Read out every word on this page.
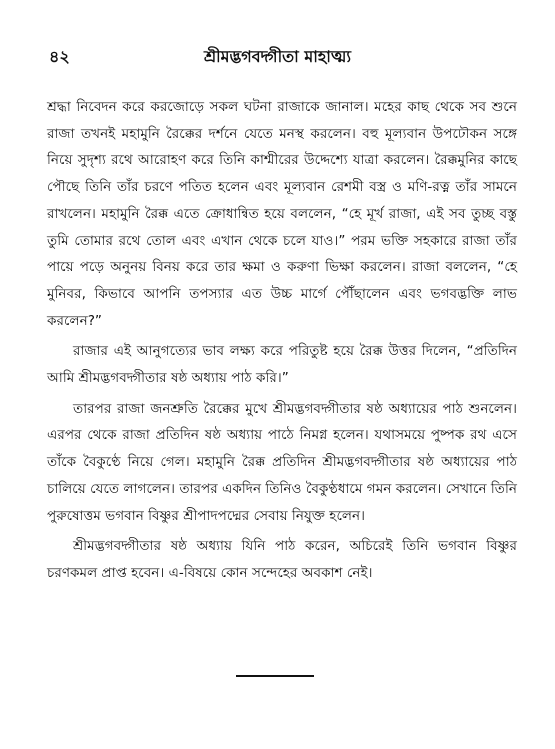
৪২	শ্রীমদ্ভগবদ্গীতা মাহাত্ম্য

শ্রদ্ধা নিবেদন করে করজোড়ে সকল ঘটনা রাজাকে জানাল। মহের কাছ থেকে সব শুনে রাজা তখনই মহামুনি রৈক্কের দর্শনে যেতে মনস্থ করলেন। বহু মূল্যবান উপঢৌকন সঙ্গে নিয়ে সুদৃশ্য রথে আরোহণ করে তিনি কাশ্মীরের উদ্দেশ্যে যাত্রা করলেন। রৈক্কমুনির কাছে পৌছে তিনি তাঁর চরণে পতিত হলেন এবং মূল্যবান রেশমী বস্ত্র ও মণি-রত্ন তাঁর সামনে রাখলেন। মহামুনি রৈক্ক এতে ক্রোধান্বিত হয়ে বললেন, “হে মূর্খ রাজা, এই সব তুচ্ছ বস্তু তুমি তোমার রথে তোল এবং এখান থেকে চলে যাও।” পরম ভক্তি সহকারে রাজা তাঁর পায়ে পড়ে অনুনয় বিনয় করে তার ক্ষমা ও করুণা ভিক্ষা করলেন। রাজা বললেন, “হে মুনিবর, কিভাবে আপনি তপস্যার এত উচ্চ মার্গে পৌঁছালেন এবং ভগবদ্ভক্তি লাভ করলেন?”

রাজার এই আনুগত্যের ভাব লক্ষ্য করে পরিতুষ্ট হয়ে রৈক্ক উত্তর দিলেন, “প্রতিদিন আমি শ্রীমদ্ভগবদ্গীতার ষষ্ঠ অধ্যায় পাঠ করি।”

তারপর রাজা জনশ্রুতি রৈক্কের মুখে শ্রীমদ্ভগবদ্গীতার ষষ্ঠ অধ্যায়ের পাঠ শুনলেন। এরপর থেকে রাজা প্রতিদিন ষষ্ঠ অধ্যায় পাঠে নিমগ্ন হলেন। যথাসময়ে পুষ্পক রথ এসে তাঁকে বৈকুণ্ঠে নিয়ে গেল। মহামুনি রৈক্ক প্রতিদিন শ্রীমদ্ভগবদ্গীতার ষষ্ঠ অধ্যায়ের পাঠ চালিয়ে যেতে লাগলেন। তারপর একদিন তিনিও বৈকুণ্ঠধামে গমন করলেন। সেখানে তিনি পুরুষোত্তম ভগবান বিষ্ণুর শ্রীপাদপদ্মের সেবায় নিযুক্ত হলেন।

শ্রীমদ্ভগবদ্গীতার ষষ্ঠ অধ্যায় যিনি পাঠ করেন, অচিরেই তিনি ভগবান বিষ্ণুর চরণকমল প্রাপ্ত হবেন। এ-বিষয়ে কোন সন্দেহের অবকাশ নেই।
